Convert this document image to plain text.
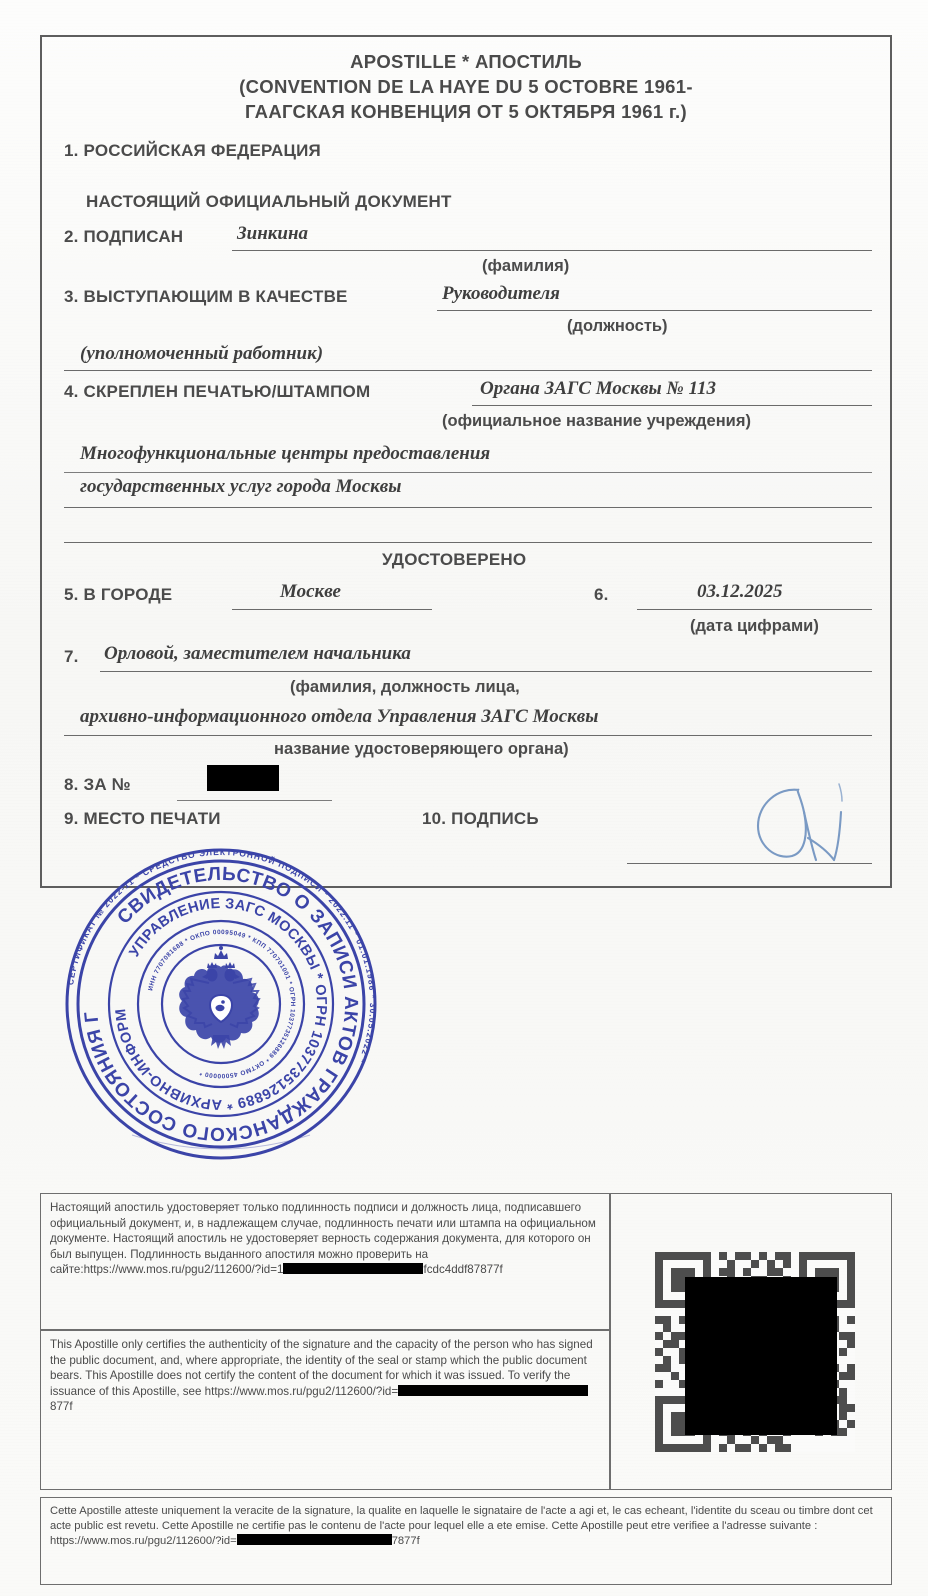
APOSTILLE * АПОСТИЛЬ
(CONVENTION DE LA HAYE DU 5 OCTOBRE 1961-
ГААГСКАЯ КОНВЕНЦИЯ ОТ 5 ОКТЯБРЯ 1961 г.)
1. РОССИЙСКАЯ ФЕДЕРАЦИЯ
НАСТОЯЩИЙ ОФИЦИАЛЬНЫЙ ДОКУМЕНТ
2. ПОДПИСАН	Зинкина
(фамилия)
3. ВЫСТУПАЮЩИМ В КАЧЕСТВЕ	Руководителя
(должность)
(уполномоченный работник)
4. СКРЕПЛЕН ПЕЧАТЬЮ/ШТАМПОМ	Органа ЗАГС Москвы № 113
(официальное название учреждения)
Многофункциональные центры предоставления
государственных услуг города Москвы
УДОСТОВЕРЕНО
5. В ГОРОДЕ	Москве	6.	03.12.2025
(дата цифрами)
7. Орловой, заместителем начальника
(фамилия, должность лица,
архивно-информационного отдела Управления ЗАГС Москвы
название удостоверяющего органа)
8. ЗА №
9. МЕСТО ПЕЧАТИ	10. ПОДПИСЬ
СЕРТИФИКАТ № 2022-11 * СРЕДСТВО ЭЛЕКТРОННОЙ ПОДПИСИ * 2022.11 * 01.01.1986 * 30.05.2022 *
СВИДЕТЕЛЬСТВО О ЗАПИСИ АКТОВ ГРАЖДАНСКОГО СОСТОЯНИЯ Г
УПРАВЛЕНИЕ ЗАГС МОСКВЫ * ОГРН 1037735126889 * АРХИВНО-ИНФОРМ
ИНН 7707081688 * ОКПО 00095049 * КПП 770701001 * ОГРН 1037735126889 * ОКТМО 45000000 *
Настоящий апостиль удостоверяет только подлинность подписи и должность лица, подписавшего официальный документ, и, в надлежащем случае, подлинность печати или штампа на официальном документе. Настоящий апостиль не удостоверяет верность содержания документа, для которого он был выпущен. Подлинность выданного апостиля можно проверить на сайте:https://www.mos.ru/pgu2/112600/?id=1	fcdc4ddf87877f
This Apostille only certifies the authenticity of the signature and the capacity of the person who has signed the public document, and, where appropriate, the identity of the seal or stamp which the public document bears. This Apostille does not certify the content of the document for which it was issued. To verify the issuance of this Apostille, see https://www.mos.ru/pgu2/112600/?id=877f
Cette Apostille atteste uniquement la veracite de la signature, la qualite en laquelle le signataire de l'acte a agi et, le cas echeant, l'identite du sceau ou timbre dont cet acte public est revetu. Cette Apostille ne certifie pas le contenu de l'acte pour lequel elle a ete emise. Cette Apostille peut etre verifiee a l'adresse suivante : https://www.mos.ru/pgu2/112600/?id=	7877f
